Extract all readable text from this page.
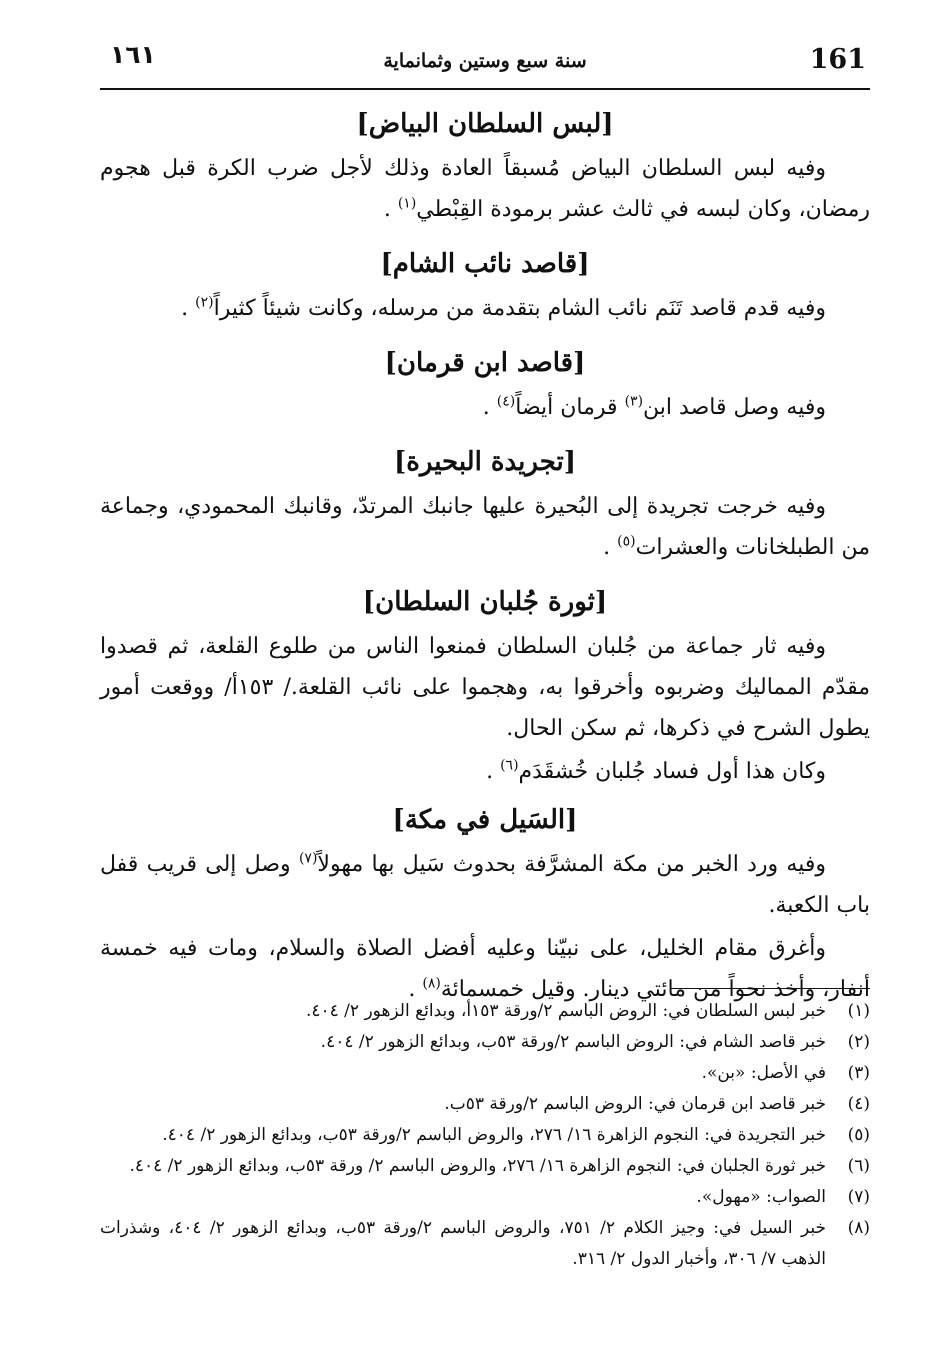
١٦١	سنة سبع وستين وثمانماية	161
[لبس السلطان البياض]

وفيه لبس السلطان البياض مُسبقاً العادة وذلك لأجل ضرب الكرة قبل هجوم رمضان، وكان لبسه في ثالث عشر برمودة القِبْطي$^{(١)}$ .

[قاصد نائب الشام]

وفيه قدم قاصد تَنَم نائب الشام بتقدمة من مرسله، وكانت شيئاً كثيراً$^{(٢)}$ .

[قاصد ابن قرمان]

وفيه وصل قاصد ابن$^{(٣)}$ قرمان أيضاً$^{(٤)}$ .

[تجريدة البحيرة]

وفيه خرجت تجريدة إلى البُحيرة عليها جانبك المرتدّ، وقانبك المحمودي، وجماعة من الطبلخانات والعشرات$^{(٥)}$ .

[ثورة جُلبان السلطان]

وفيه ثار جماعة من جُلبان السلطان فمنعوا الناس من طلوع القلعة، ثم قصدوا مقدّم المماليك وضربوه وأخرقوا به، وهجموا على نائب القلعة./ ١٥٣أ/ ووقعت أمور يطول الشرح في ذكرها، ثم سكن الحال.

وكان هذا أول فساد جُلبان خُشقَدَم$^{(٦)}$ .

[السَيل في مكة]

وفيه ورد الخبر من مكة المشرَّفة بحدوث سَيل بها مهولاً$^{(٧)}$ وصل إلى قريب قفل باب الكعبة.

وأغرق مقام الخليل، على نبيّنا وعليه أفضل الصلاة والسلام، ومات فيه خمسة أنفار، وأخذ نحواً من مائتي دينار. وقيل خمسمائة$^{(٨)}$ .

(١)
خبر لبس السلطان في: الروض الباسم ٢/ورقة ١٥٣أ، وبدائع الزهور ٢/ ٤٠٤.
(٢)
خبر قاصد الشام في: الروض الباسم ٢/ورقة ٥٣ب، وبدائع الزهور ٢/ ٤٠٤.
(٣)
في الأصل: «بن».
(٤)
خبر قاصد ابن قرمان في: الروض الباسم ٢/ورقة ٥٣ب.
(٥)
خبر التجريدة في: النجوم الزاهرة ١٦/ ٢٧٦، والروض الباسم ٢/ورقة ٥٣ب، وبدائع الزهور ٢/ ٤٠٤.
(٦)
خبر ثورة الجلبان في: النجوم الزاهرة ١٦/ ٢٧٦، والروض الباسم ٢/ ورقة ٥٣ب، وبدائع الزهور ٢/ ٤٠٤.
(٧)
الصواب: «مهول».
(٨)
خبر السيل في: وجيز الكلام ٢/ ٧٥١، والروض الباسم ٢/ورقة ٥٣ب، وبدائع الزهور ٢/ ٤٠٤، وشذرات الذهب ٧/ ٣٠٦، وأخبار الدول ٢/ ٣١٦.
